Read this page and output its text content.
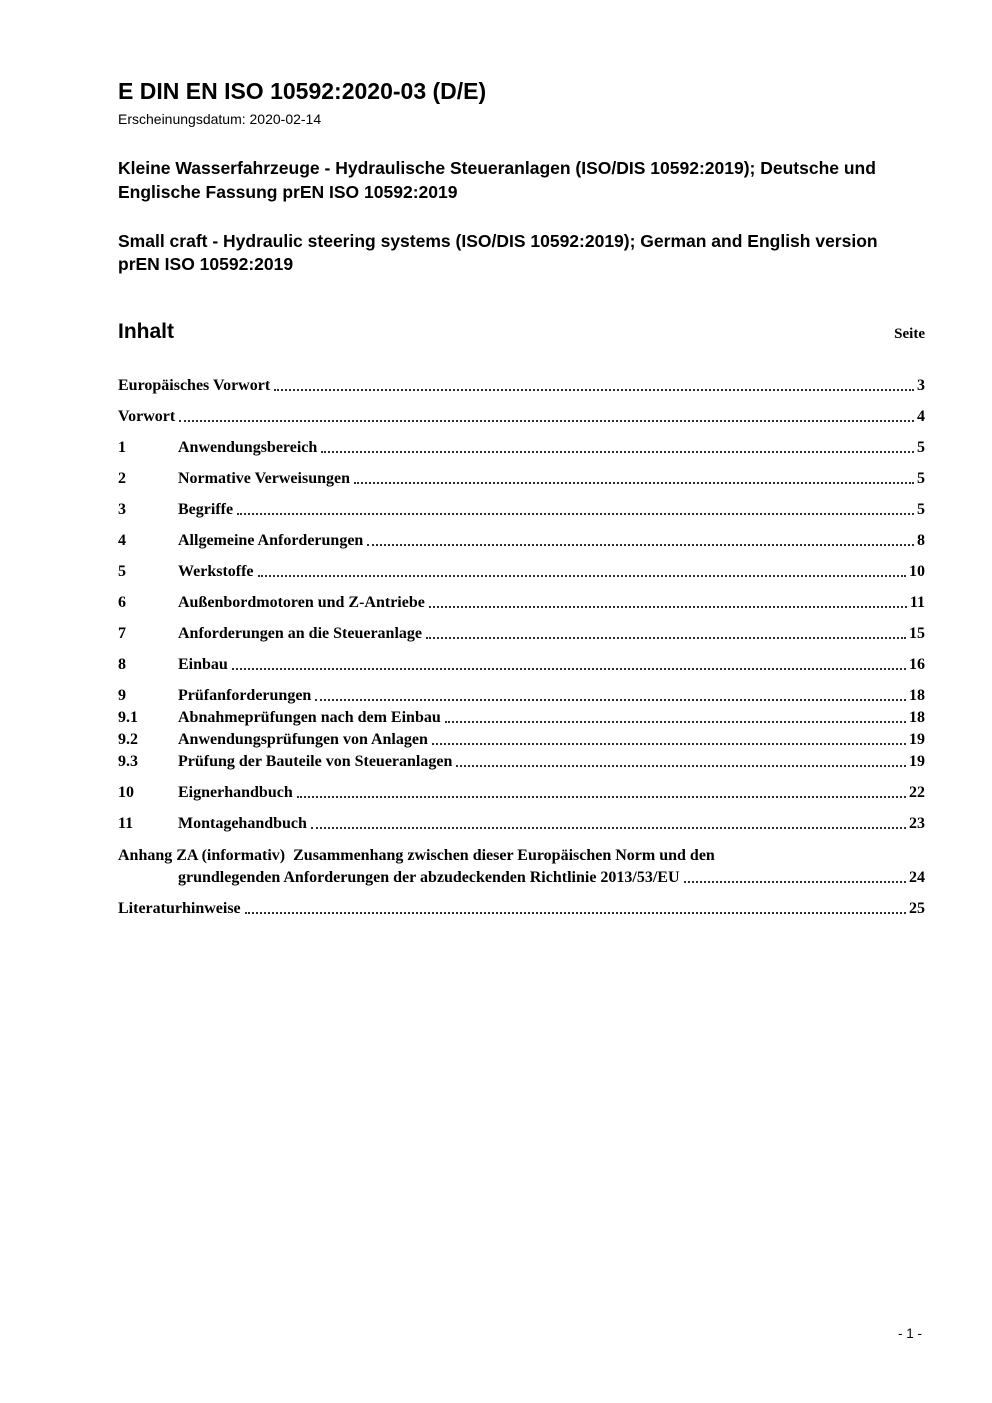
E DIN EN ISO 10592:2020-03 (D/E)

Erscheinungsdatum: 2020-02-14

Kleine Wasserfahrzeuge - Hydraulische Steueranlagen (ISO/DIS 10592:2019); Deutsche und Englische Fassung prEN ISO 10592:2019

Small craft - Hydraulic steering systems (ISO/DIS 10592:2019); German and English version prEN ISO 10592:2019

Inhalt	Seite
Europäisches Vorwort	3
Vorwort	4
1	Anwendungsbereich	5
2	Normative Verweisungen	5
3	Begriffe	5
4	Allgemeine Anforderungen	8
5	Werkstoffe	10
6	Außenbordmotoren und Z-Antriebe	11
7	Anforderungen an die Steueranlage	15
8	Einbau	16
9	Prüfanforderungen	18
9.1	Abnahmeprüfungen nach dem Einbau	18
9.2	Anwendungsprüfungen von Anlagen	19
9.3	Prüfung der Bauteile von Steueranlagen	19
10	Eignerhandbuch	22
11	Montagehandbuch	23
Anhang ZA (informativ)  Zusammenhang zwischen dieser Europäischen Norm und den
grundlegenden Anforderungen der abzudeckenden Richtlinie 2013/53/EU	24
Literaturhinweise	25
- 1 -
